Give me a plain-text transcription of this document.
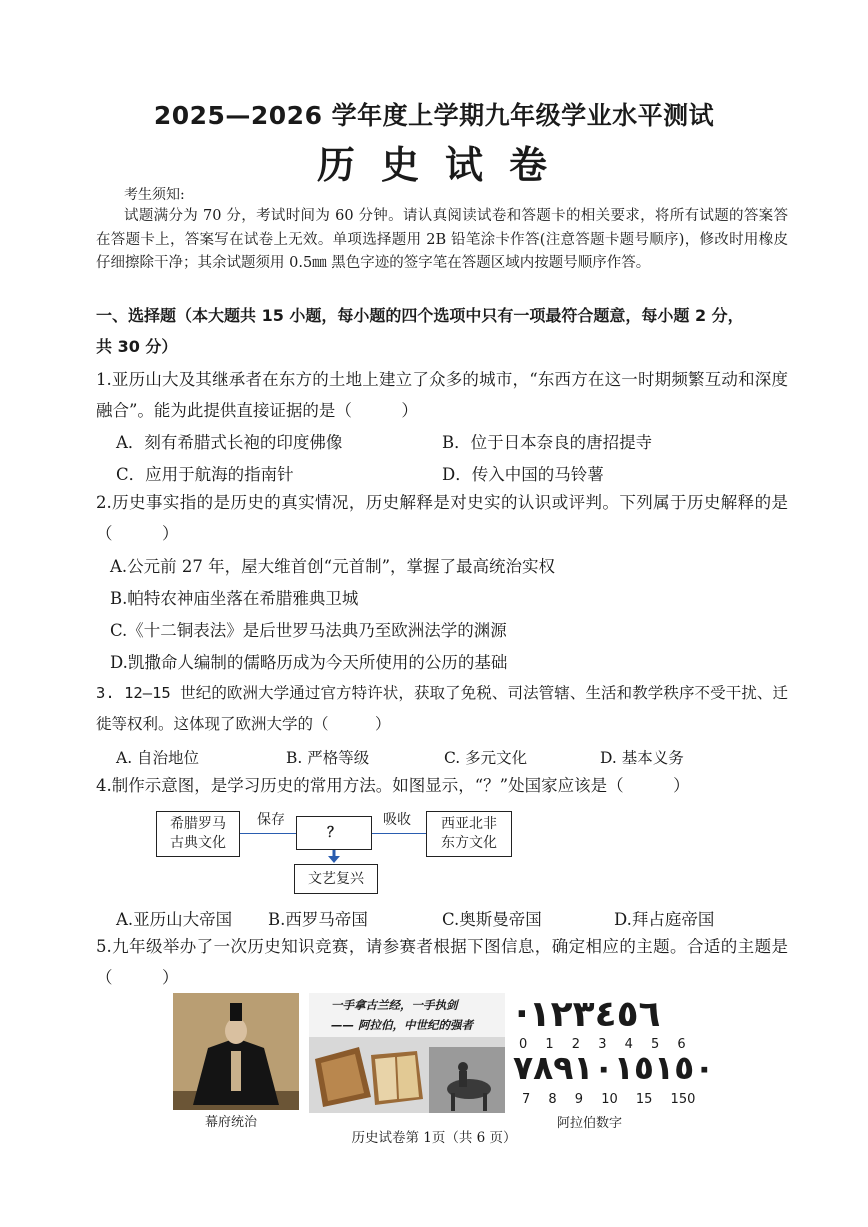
2025—2026 学年度上学期九年级学业水平测试
历史试卷
考生须知:
试题满分为 70 分，考试时间为 60 分钟。请认真阅读试卷和答题卡的相关要求，将所有试题的答案答在答题卡上，答案写在试卷上无效。单项选择题用 2B 铅笔涂卡作答(注意答题卡题号顺序)，修改时用橡皮仔细擦除干净；其余试题须用 0.5㎜ 黑色字迹的签字笔在答题区域内按题号顺序作答。
一、选择题（本大题共 15 小题，每小题的四个选项中只有一项最符合题意，每小题 2 分，
共 30 分）
1.亚历山大及其继承者在东方的土地上建立了众多的城市，“东西方在这一时期频繁互动和深度融合”。能为此提供直接证据的是（　　　）
A．刻有希腊式长袍的印度佛像	B．位于日本奈良的唐招提寺
C．应用于航海的指南针	D．传入中国的马铃薯
2.历史事实指的是历史的真实情况，历史解释是对史实的认识或评判。下列属于历史解释的是（　　　）
A.公元前 27 年，屋大维首创“元首制”，掌握了最高统治实权
B.帕特农神庙坐落在希腊雅典卫城
C.《十二铜表法》是后世罗马法典乃至欧洲法学的渊源
D.凯撒命人编制的儒略历成为今天所使用的公历的基础
3. 12—15 世纪的欧洲大学通过官方特许状，获取了免税、司法管辖、生活和教学秩序不受干扰、迁徙等权利。这体现了欧洲大学的（　　　）
A. 自治地位	B. 严格等级	C. 多元文化	D. 基本义务
4.制作示意图，是学习历史的常用方法。如图显示，“？”处国家应该是（　　　）
希腊罗马
古典文化
保存
？
吸收	西亚北非
东方文化
文艺复兴
A.亚历山大帝国 B.西罗马帝国	C.奥斯曼帝国	D.拜占庭帝国
5.九年级举办了一次历史知识竞赛，请参赛者根据下图信息，确定相应的主题。合适的主题是（　　　）
幕府统治
一手拿古兰经，一手执剑
—— 阿拉伯，中世纪的强者 ·١٢٣٤٥٦
0 1 2 3 4 5 6
٧٨٩١٠١٥١٥٠
7 8 9 10 15 150
阿拉伯数字
历史试卷第 1页（共 6 页）
